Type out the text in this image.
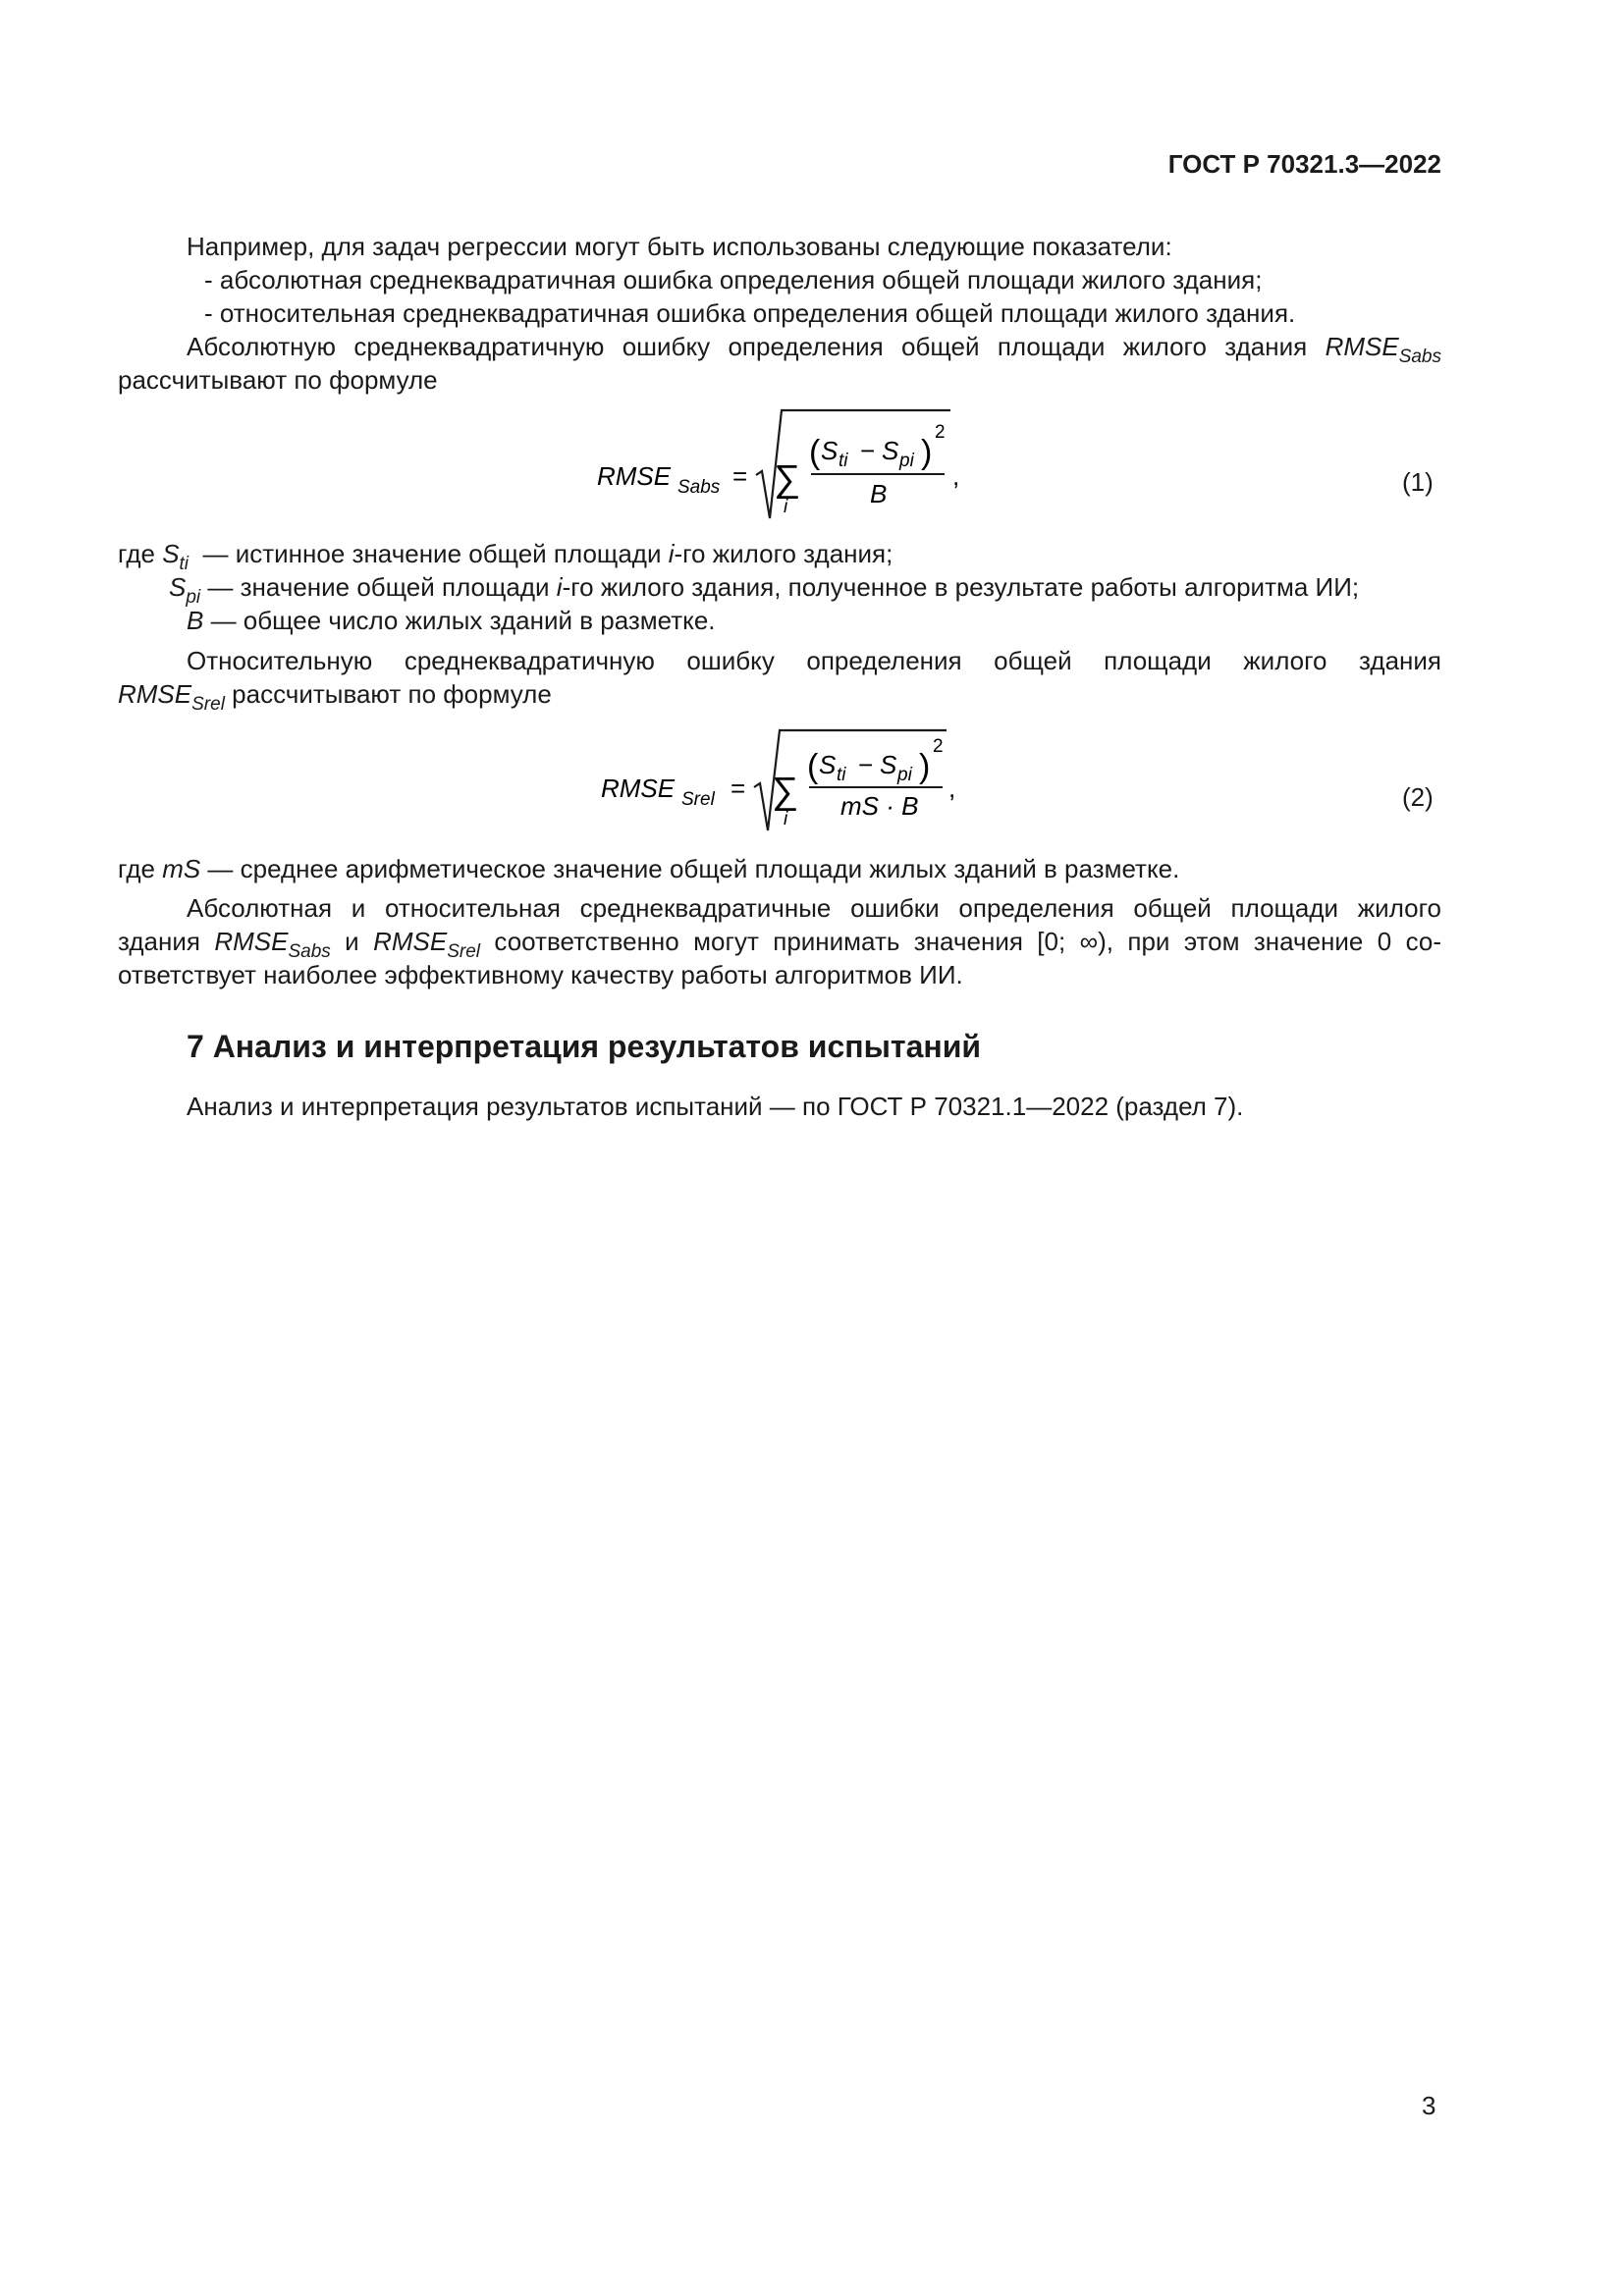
ГОСТ Р 70321.3—2022
Например, для задач регрессии могут быть использованы следующие показатели:
- абсолютная среднеквадратичная ошибка определения общей площади жилого здания;
- относительная среднеквадратичная ошибка определения общей площади жилого здания.
Абсолютную среднеквадратичную ошибку определения общей площади жилого здания $RMSE_{Sabs}$
рассчитывают по формуле
RMSE Sabs = ∑
i
( S ti − S pi )
2
B
,	(1)
где $S_{ti}$ — истинное значение общей площади i-го жилого здания;
$S_{pi}$ — значение общей площади i-го жилого здания, полученное в результате работы алгоритма ИИ;
B — общее число жилых зданий в разметке.
Относительную среднеквадратичную ошибку определения общей площади жилого здания
$RMSE_{Srel}$ рассчитывают по формуле
RMSE Srel = ∑
i
( S ti − S pi )
2
mS · B
,	(2)
где mS — среднее арифметическое значение общей площади жилых зданий в разметке.
Абсолютная и относительная среднеквадратичные ошибки определения общей площади жилого
здания $RMSE_{Sabs}$ и $RMSE_{Srel}$ соответственно могут принимать значения [0; ∞), при этом значение 0 со-
ответствует наиболее эффективному качеству работы алгоритмов ИИ.
7 Анализ и интерпретация результатов испытаний
Анализ и интерпретация результатов испытаний — по ГОСТ Р 70321.1—2022 (раздел 7).
3
